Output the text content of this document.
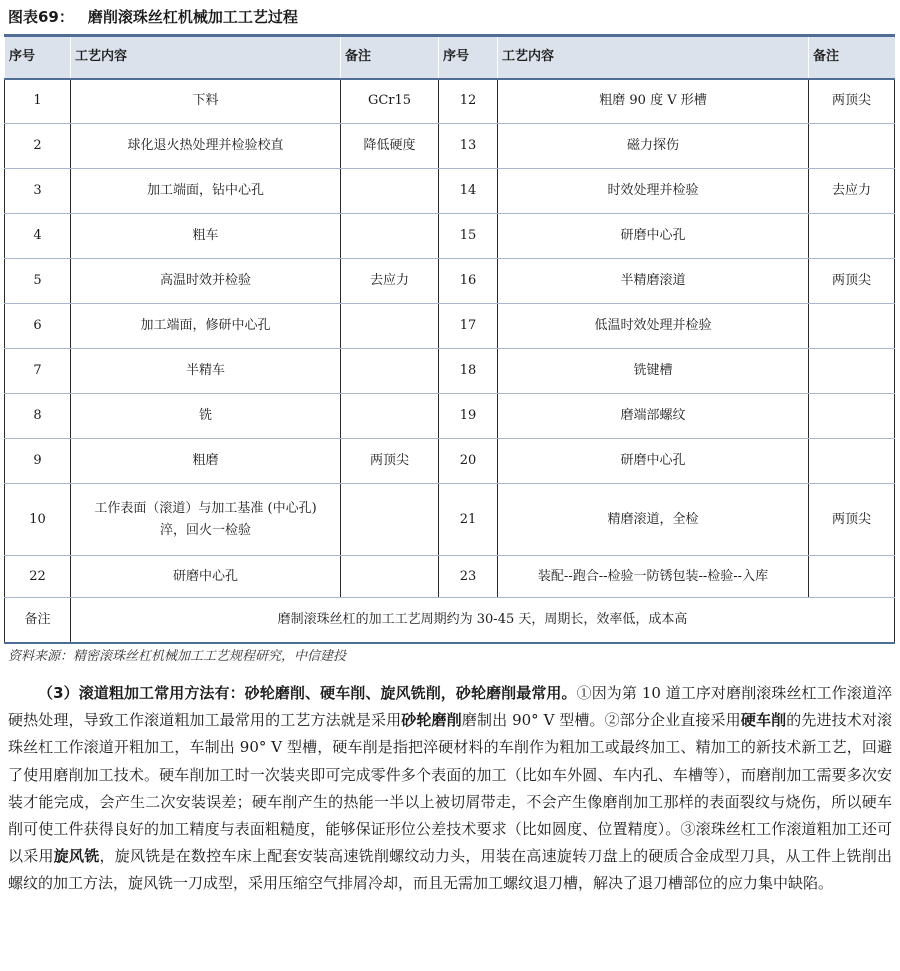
图表69： 磨削滚珠丝杠机械加工工艺过程
序号	工艺内容	备注	序号	工艺内容	备注
1	下料	GCr15	12	粗磨 90 度 V 形槽	两顶尖
2	球化退火热处理并检验校直	降低硬度	13	磁力探伤	
3	加工端面，钻中心孔		14	时效处理并检验	去应力
4	粗车		15	研磨中心孔	
5	高温时效并检验	去应力	16	半精磨滚道	两顶尖
6	加工端面，修研中心孔		17	低温时效处理并检验	
7	半精车		18	铣键槽	
8	铣		19	磨端部螺纹	
9	粗磨	两顶尖	20	研磨中心孔	
10	工作表面（滚道）与加工基准 (中心孔)
淬，回火一检验		21	精磨滚道，全检	两顶尖
22	研磨中心孔		23	装配--跑合--检验一防锈包装--检验--入库	
备注	磨制滚珠丝杠的加工工艺周期约为 30-45 天，周期长，效率低，成本高				
资料来源：精密滚珠丝杠机械加工工艺规程研究，中信建投
（3）滚道粗加工常用方法有：砂轮磨削、硬车削、旋风铣削，砂轮磨削最常用。①因为第 10 道工序对磨削滚珠丝杠工作滚道淬硬热处理，导致工作滚道粗加工最常用的工艺方法就是采用砂轮磨削磨制出 90° V 型槽。②部分企业直接采用硬车削的先进技术对滚珠丝杠工作滚道开粗加工，车制出 90° V 型槽，硬车削是指把淬硬材料的车削作为粗加工或最终加工、精加工的新技术新工艺，回避了使用磨削加工技术。硬车削加工时一次装夹即可完成零件多个表面的加工（比如车外圆、车内孔、车槽等），而磨削加工需要多次安装才能完成，会产生二次安装误差；硬车削产生的热能一半以上被切屑带走，不会产生像磨削加工那样的表面裂纹与烧伤，所以硬车削可使工件获得良好的加工精度与表面粗糙度，能够保证形位公差技术要求（比如圆度、位置精度）。③滚珠丝杠工作滚道粗加工还可以采用旋风铣，旋风铣是在数控车床上配套安装高速铣削螺纹动力头，用装在高速旋转刀盘上的硬质合金成型刀具，从工件上铣削出螺纹的加工方法，旋风铣一刀成型，采用压缩空气排屑冷却，而且无需加工螺纹退刀槽，解决了退刀槽部位的应力集中缺陷。
